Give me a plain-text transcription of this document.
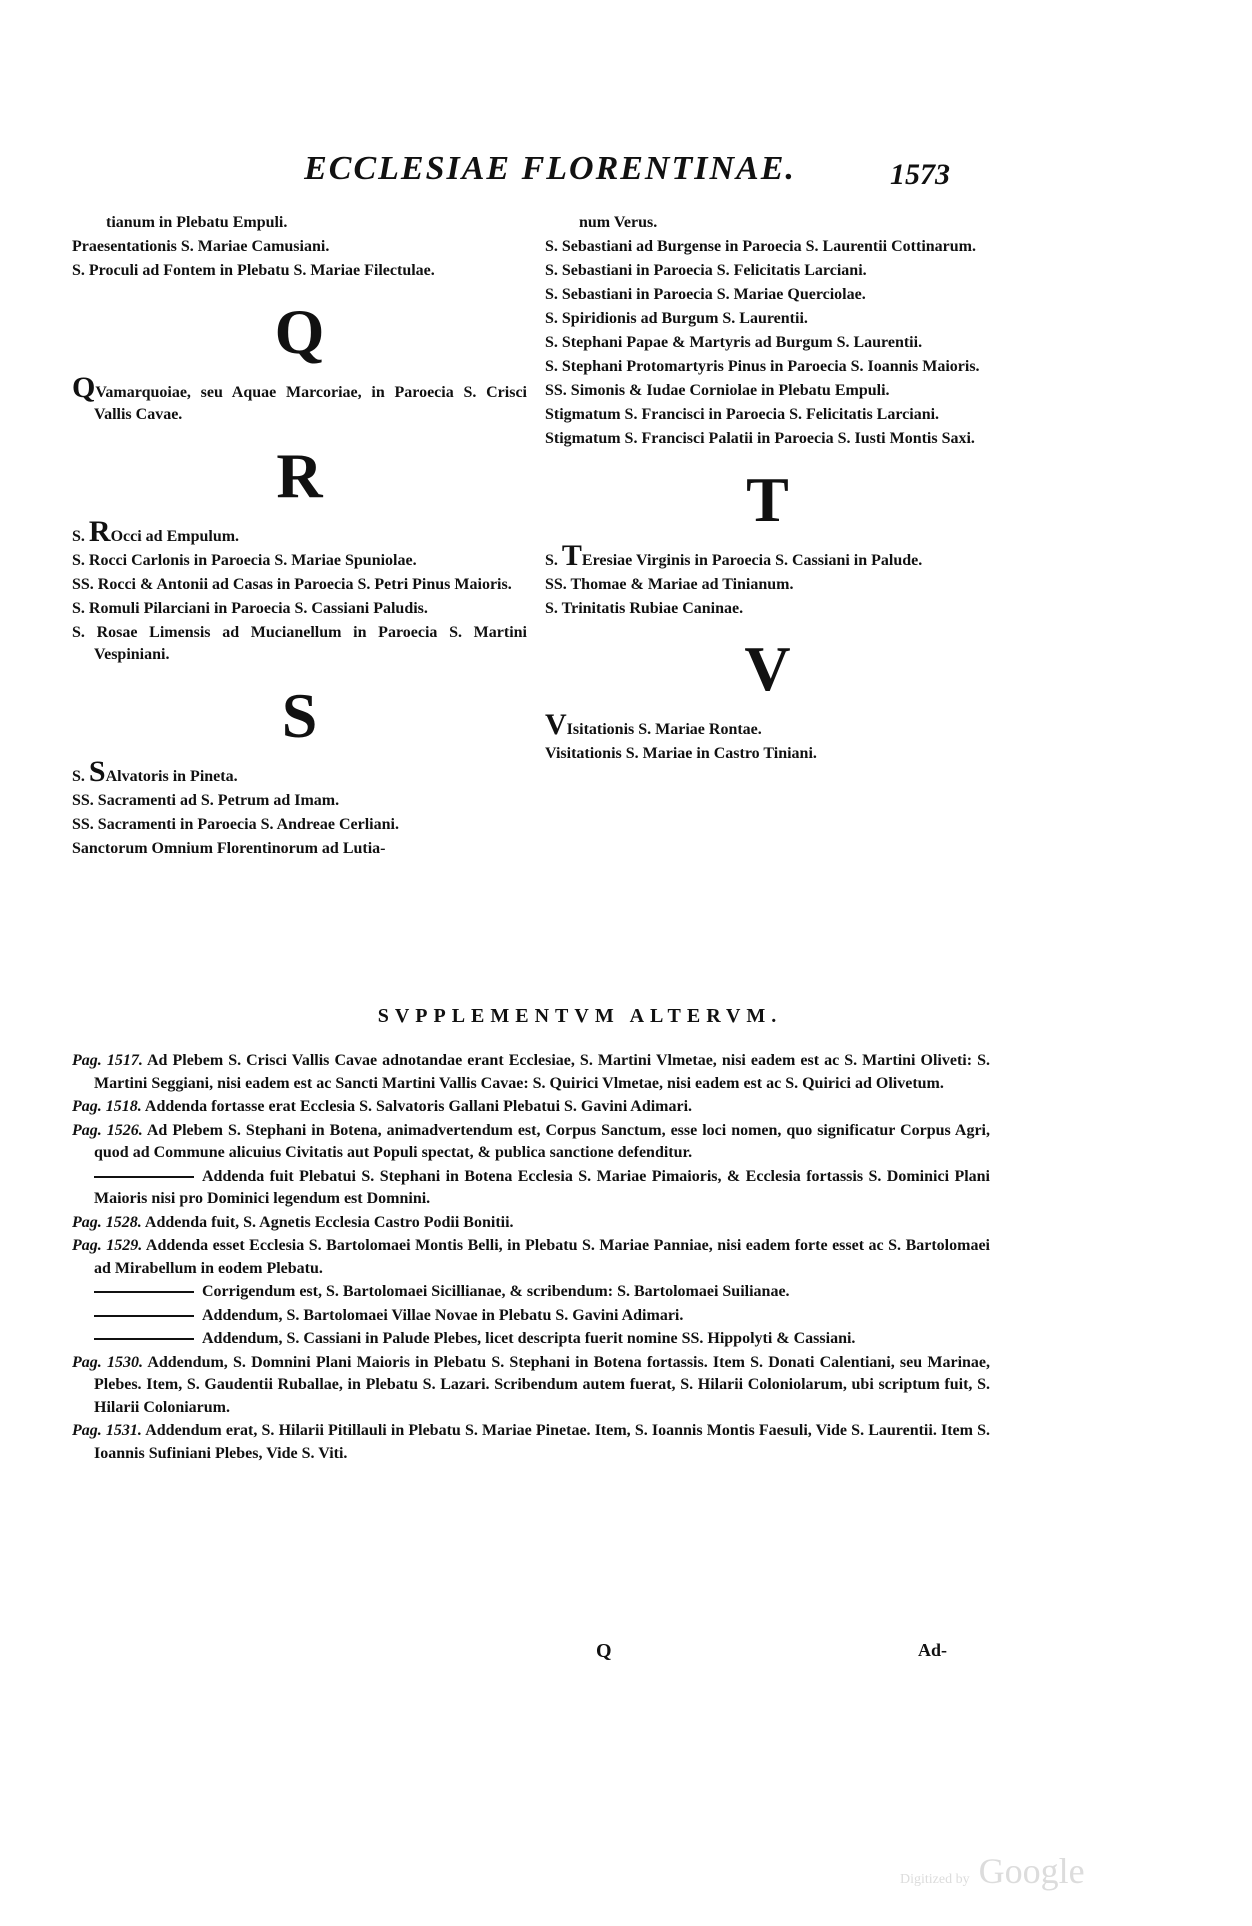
ECCLESIAE FLORENTINAE.	1573
tianum in Plebatu Empuli.
Praesentationis S. Mariae Camusiani.
S. Proculi ad Fontem in Plebatu S. Mariae Filectulae.
Q
QVamarquoiae, seu Aquae Marcoriae, in Paroecia S. Crisci Vallis Cavae.
R
S. ROcci ad Empulum.
S. Rocci Carlonis in Paroecia S. Mariae Spuniolae.
SS. Rocci & Antonii ad Casas in Paroecia S. Petri Pinus Maioris.
S. Romuli Pilarciani in Paroecia S. Cassiani Paludis.
S. Rosae Limensis ad Mucianellum in Paroecia S. Martini Vespiniani.
S
S. SAlvatoris in Pineta.
SS. Sacramenti ad S. Petrum ad Imam.
SS. Sacramenti in Paroecia S. Andreae Cerliani.
Sanctorum Omnium Florentinorum ad Lutia-
num Verus.
S. Sebastiani ad Burgense in Paroecia S. Laurentii Cottinarum.
S. Sebastiani in Paroecia S. Felicitatis Larciani.
S. Sebastiani in Paroecia S. Mariae Querciolae.
S. Spiridionis ad Burgum S. Laurentii.
S. Stephani Papae & Martyris ad Burgum S. Laurentii.
S. Stephani Protomartyris Pinus in Paroecia S. Ioannis Maioris.
SS. Simonis & Iudae Corniolae in Plebatu Empuli.
Stigmatum S. Francisci in Paroecia S. Felicitatis Larciani.
Stigmatum S. Francisci Palatii in Paroecia S. Iusti Montis Saxi.
T
S. TEresiae Virginis in Paroecia S. Cassiani in Palude.
SS. Thomae & Mariae ad Tinianum.
S. Trinitatis Rubiae Caninae.
V
VIsitationis S. Mariae Rontae.
Visitationis S. Mariae in Castro Tiniani.
SVPPLEMENTVM ALTERVM.
Pag. 1517. Ad Plebem S. Crisci Vallis Cavae adnotandae erant Ecclesiae, S. Martini Vlmetae, nisi eadem est ac S. Martini Oliveti: S. Martini Seggiani, nisi eadem est ac Sancti Martini Vallis Cavae: S. Quirici Vlmetae, nisi eadem est ac S. Quirici ad Olivetum.
Pag. 1518. Addenda fortasse erat Ecclesia S. Salvatoris Gallani Plebatui S. Gavini Adimari.
Pag. 1526. Ad Plebem S. Stephani in Botena, animadvertendum est, Corpus Sanctum, esse loci nomen, quo significatur Corpus Agri, quod ad Commune alicuius Civitatis aut Populi spectat, & publica sanctione defenditur.
Addenda fuit Plebatui S. Stephani in Botena Ecclesia S. Mariae Pimaioris, & Ecclesia fortassis S. Dominici Plani Maioris nisi pro Dominici legendum est Domnini.
Pag. 1528. Addenda fuit, S. Agnetis Ecclesia Castro Podii Bonitii.
Pag. 1529. Addenda esset Ecclesia S. Bartolomaei Montis Belli, in Plebatu S. Mariae Panniae, nisi eadem forte esset ac S. Bartolomaei ad Mirabellum in eodem Plebatu.
Corrigendum est, S. Bartolomaei Sicillianae, & scribendum: S. Bartolomaei Suilianae.
Addendum, S. Bartolomaei Villae Novae in Plebatu S. Gavini Adimari.
Addendum, S. Cassiani in Palude Plebes, licet descripta fuerit nomine SS. Hippolyti & Cassiani.
Pag. 1530. Addendum, S. Domnini Plani Maioris in Plebatu S. Stephani in Botena fortassis. Item S. Donati Calentiani, seu Marinae, Plebes. Item, S. Gaudentii Ruballae, in Plebatu S. Lazari. Scribendum autem fuerat, S. Hilarii Coloniolarum, ubi scriptum fuit, S. Hilarii Coloniarum.
Pag. 1531. Addendum erat, S. Hilarii Pitillauli in Plebatu S. Mariae Pinetae. Item, S. Ioannis Montis Faesuli, Vide S. Laurentii. Item S. Ioannis Sufiniani Plebes, Vide S. Viti.
Q	Ad-
Digitized by Google
